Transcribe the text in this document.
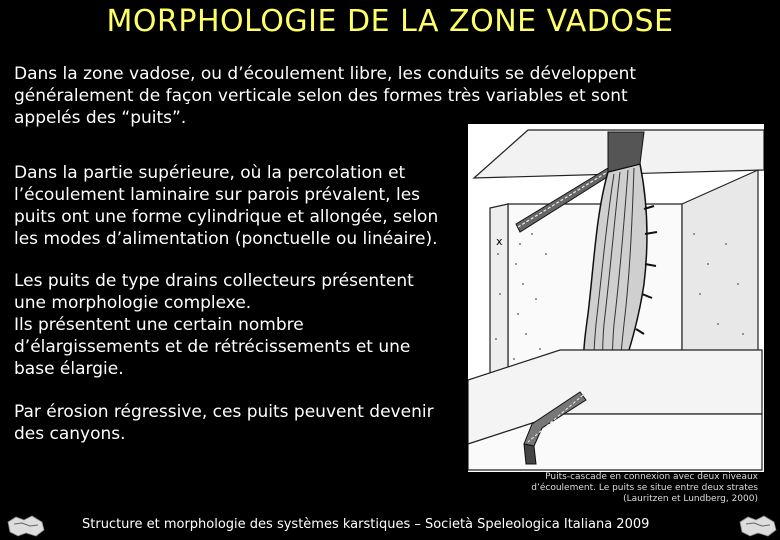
MORPHOLOGIE DE LA ZONE VADOSE
Dans la zone vadose, ou d’écoulement libre, les conduits se développent
généralement de façon verticale selon des formes très variables et sont
appelés des “puits”.
Dans la partie supérieure, où la percolation et
l’écoulement laminaire sur parois prévalent, les
puits ont une forme cylindrique et allongée, selon
les modes d’alimentation (ponctuelle ou linéaire).
Les puits de type drains collecteurs présentent
une morphologie complexe.
Ils présentent une certain nombre
d’élargissements et de rétrécissements et une
base élargie.
Par érosion régressive, ces puits peuvent devenir
des canyons.
x
Puits-cascade en connexion avec deux niveaux
d’écoulement. Le puits se situe entre deux strates
(Lauritzen et Lundberg, 2000)
Structure et morphologie des systèmes karstiques – Società Speleologica Italiana 2009
